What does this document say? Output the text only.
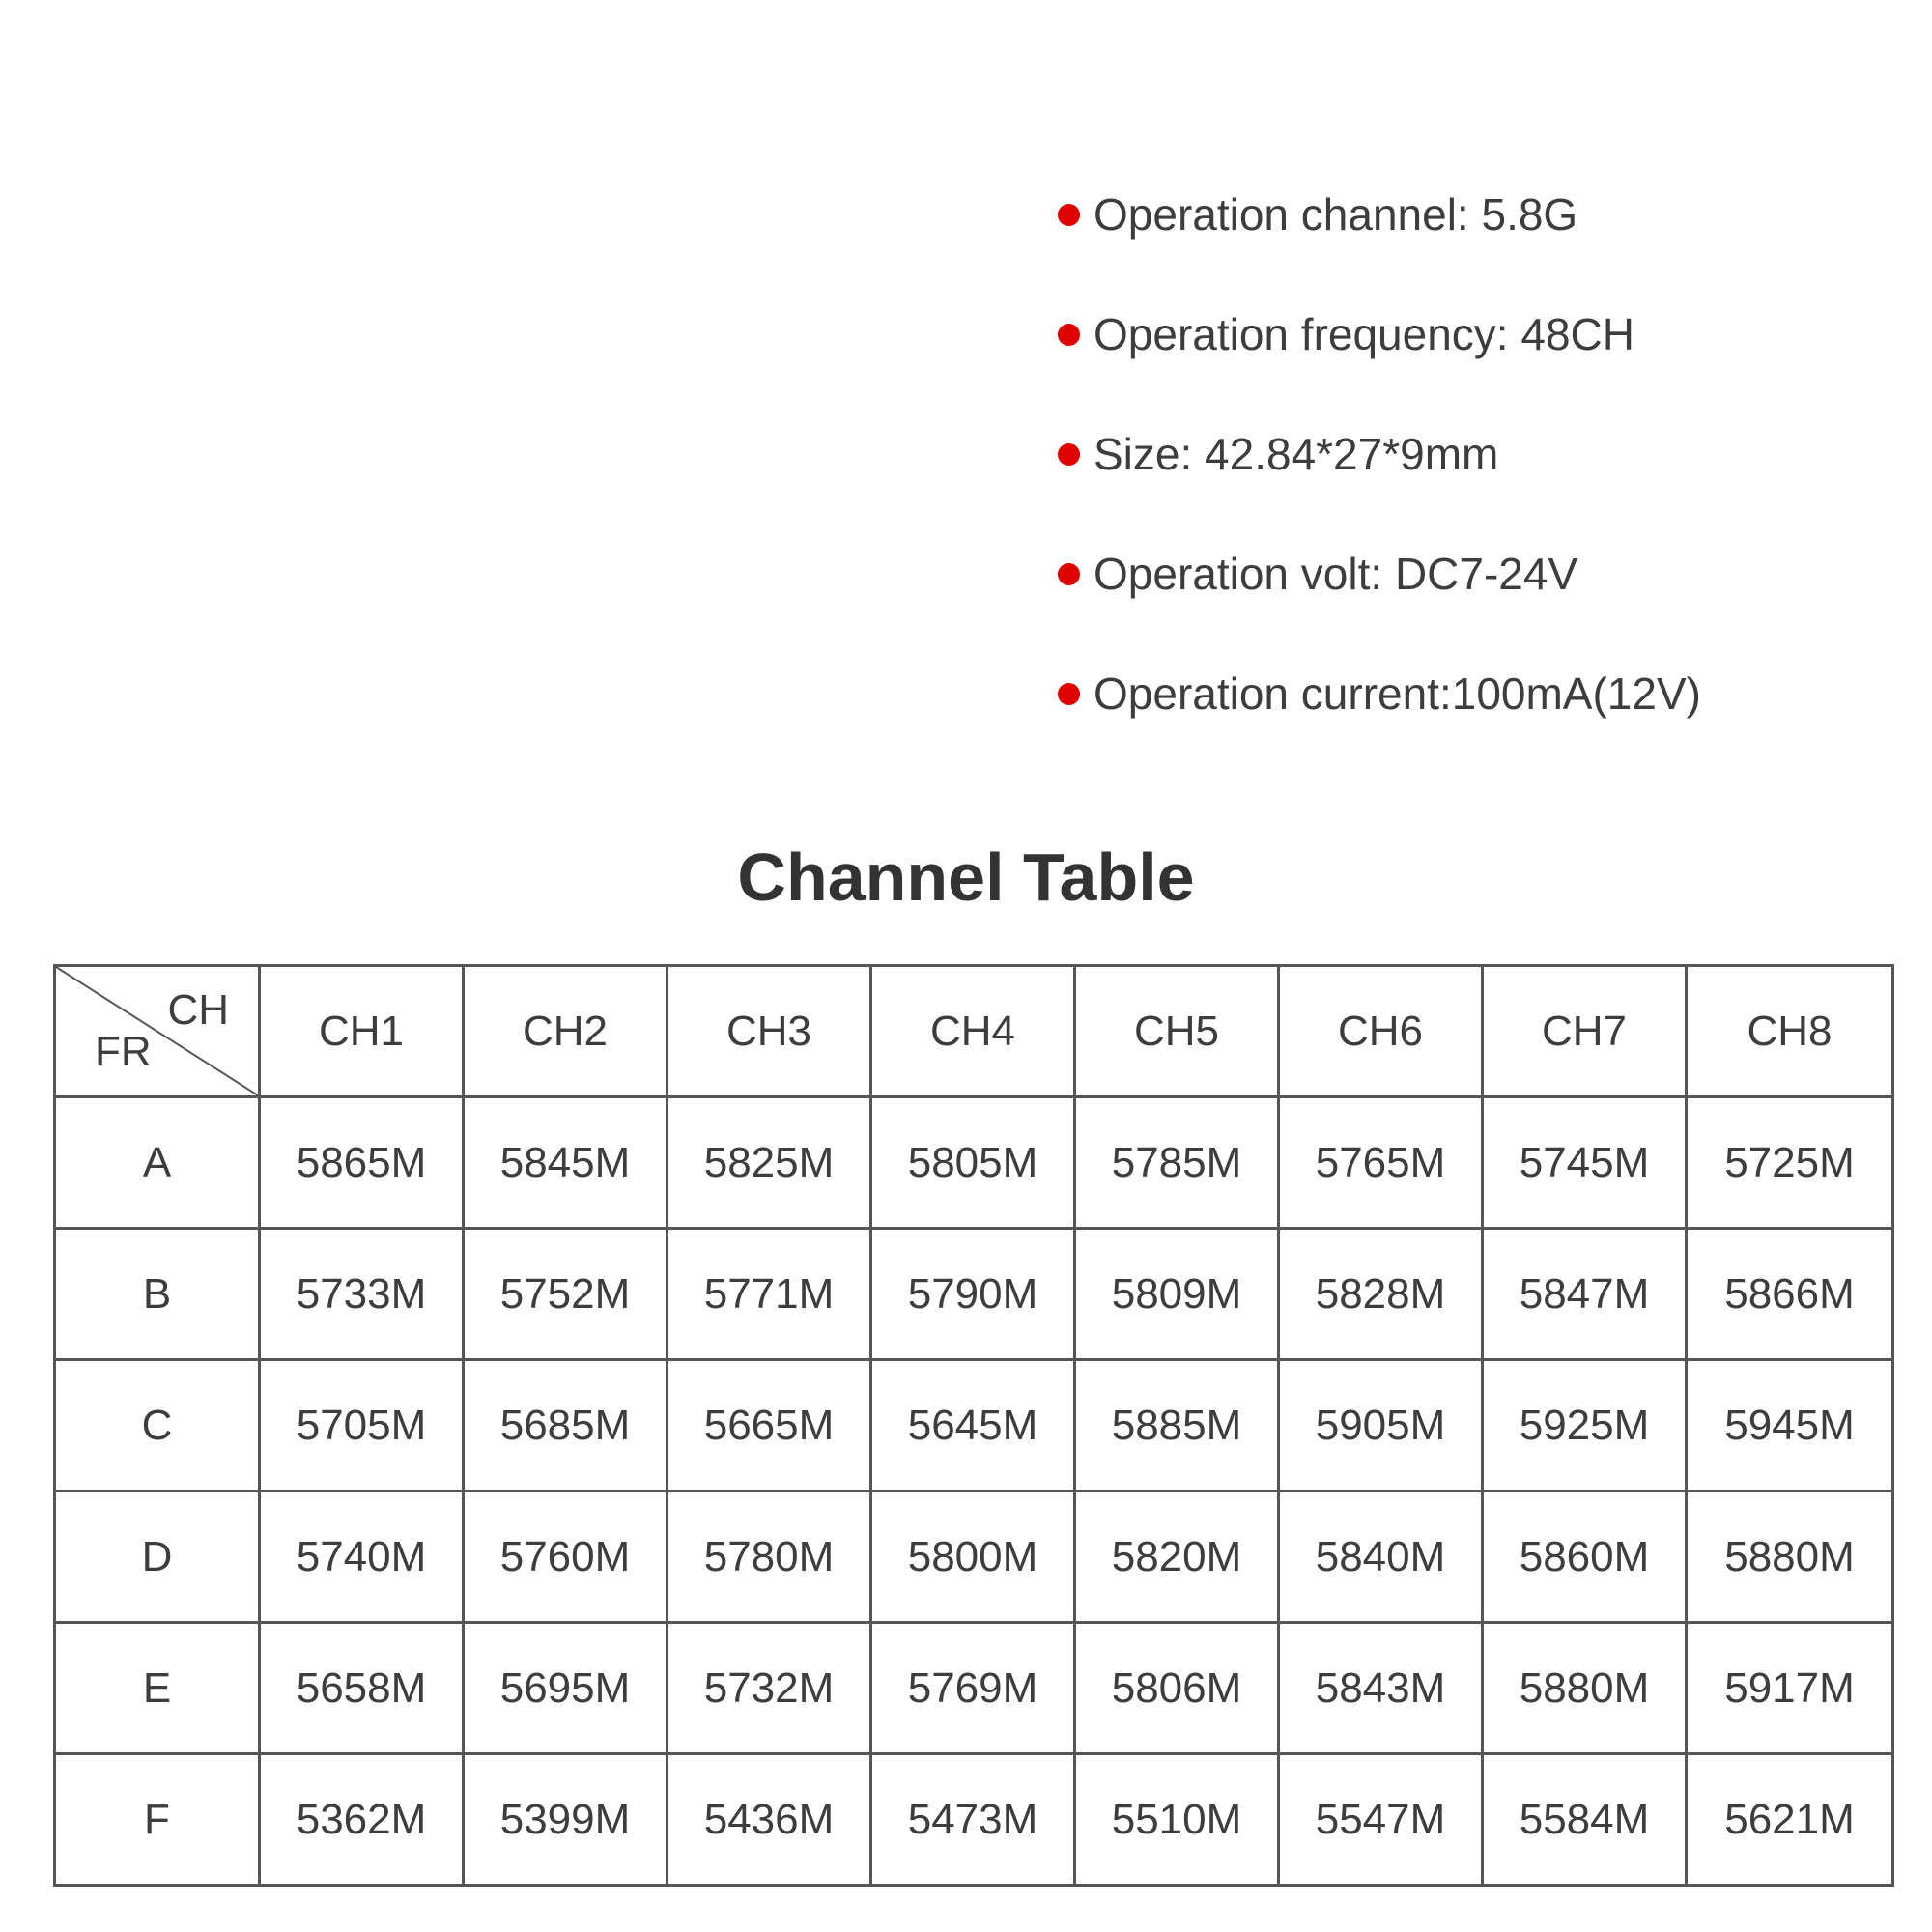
Operation channel: 5.8G
Operation frequency: 48CH
Size: 42.84*27*9mm
Operation volt: DC7-24V
Operation current:100mA(12V)
Channel Table
CH
FR	CH1	CH2	CH3	CH4	CH5	CH6	CH7	CH8
A	5865M	5845M	5825M	5805M	5785M	5765M	5745M	5725M
B	5733M	5752M	5771M	5790M	5809M	5828M	5847M	5866M
C	5705M	5685M	5665M	5645M	5885M	5905M	5925M	5945M
D	5740M	5760M	5780M	5800M	5820M	5840M	5860M	5880M
E	5658M	5695M	5732M	5769M	5806M	5843M	5880M	5917M
F	5362M	5399M	5436M	5473M	5510M	5547M	5584M	5621M
